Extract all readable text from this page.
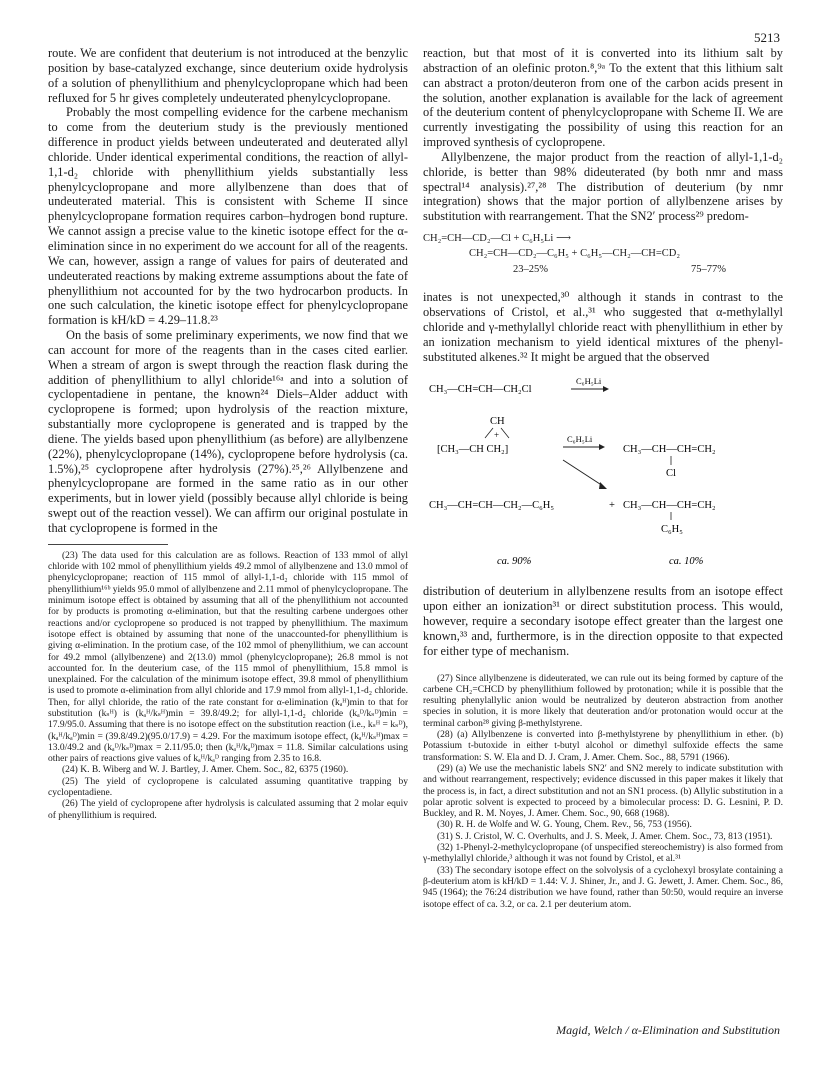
5213

route. We are confident that deuterium is not introduced at the benzylic position by base-catalyzed exchange, since deuterium oxide hydrolysis of a solution of phenyllithium and phenylcyclopropane which had been refluxed for 5 hr gives completely undeuterated phenylcyclopropane.

Probably the most compelling evidence for the carbene mechanism to come from the deuterium study is the previously mentioned difference in product yields between undeuterated and deuterated allyl chloride. Under identical experimental conditions, the reaction of allyl-1,1-d₂ chloride with phenyllithium yields substantially less phenylcyclopropane and more allylbenzene than does that of undeuterated material. This is consistent with Scheme II since phenylcyclopropane formation requires carbon–hydrogen bond rupture. We cannot assign a precise value to the kinetic isotope effect for the α-elimination since in no experiment do we account for all of the reagents. We can, however, assign a range of values for pairs of deuterated and undeuterated reactions by making extreme assumptions about the fate of phenyllithium not accounted for by the two hydrocarbon products. In one such calculation, the kinetic isotope effect for phenylcyclopropane formation is kH/kD = 4.29–11.8.²³

On the basis of some preliminary experiments, we now find that we can account for more of the reagents than in the cases cited earlier. When a stream of argon is swept through the reaction flask during the addition of phenyllithium to allyl chloride¹⁶ᵃ and into a solution of cyclopentadiene in pentane, the known²⁴ Diels–Alder adduct with cyclopropene is formed; upon hydrolysis of the reaction mixture, substantially more cyclopropene is generated and is trapped by the diene. The yields based upon phenyllithium (as before) are allylbenzene (22%), phenylcyclopropane (14%), cyclopropene before hydrolysis (ca. 1.5%),²⁵ cyclopropene after hydrolysis (27%).²⁵,²⁶ Allylbenzene and phenylcyclopropane are formed in the same ratio as in our other experiments, but in lower yield (possibly because allyl chloride is being swept out of the reaction vessel). We can affirm our original postulate in that cyclopropene is formed in the

(23) The data used for this calculation are as follows. Reaction of 133 mmol of allyl chloride with 102 mmol of phenyllithium yields 49.2 mmol of allylbenzene and 13.0 mmol of phenylcyclopropane; reaction of 115 mmol of allyl-1,1-d₂ chloride with 115 mmol of phenyllithium¹⁶ᵇ yields 95.0 mmol of allylbenzene and 2.11 mmol of phenylcyclopropane. The minimum isotope effect is obtained by assuming that all of the phenyllithium not accounted for by products is promoting α-elimination, but that the resulting carbene undergoes other reactions and/or cyclopropene so produced is not trapped by phenyllithium. The maximum isotope effect is obtained by assuming that none of the unaccounted-for phenyllithium is giving α-elimination. In the protium case, of the 102 mmol of phenyllithium, we can account for 49.2 mmol (allylbenzene) and 2(13.0) mmol (phenylcyclopropane); 26.8 mmol is not accounted for. In the deuterium case, of the 115 mmol of phenyllithium, 15.8 mmol is unexplained. For the calculation of the minimum isotope effect, 39.8 mmol of phenyllithium is used to promote α-elimination from allyl chloride and 17.9 mmol from allyl-1,1-d₂ chloride. Then, for allyl chloride, the ratio of the rate constant for α-elimination (kₐᴴ)min to that for substitution (kₛᴴ) is (kₐᴴ/kₛᴴ)min = 39.8/49.2; for allyl-1,1-d₂ chloride (kₐᴰ/kₛᴰ)min = 17.9/95.0. Assuming that there is no isotope effect on the substitution reaction (i.e., kₛᴴ = kₛᴰ), (kₐᴴ/kₐᴰ)min = (39.8/49.2)(95.0/17.9) = 4.29. For the maximum isotope effect, (kₐᴴ/kₛᴴ)max = 13.0/49.2 and (kₐᴰ/kₛᴰ)max = 2.11/95.0; then (kₐᴴ/kₐᴰ)max = 11.8. Similar calculations using other pairs of reactions give values of kₐᴴ/kₐᴰ ranging from 2.35 to 16.8.

(24) K. B. Wiberg and W. J. Bartley, J. Amer. Chem. Soc., 82, 6375 (1960).

(25) The yield of cyclopropene is calculated assuming quantitative trapping by cyclopentadiene.

(26) The yield of cyclopropene after hydrolysis is calculated assuming that 2 molar equiv of phenyllithium is required.

reaction, but that most of it is converted into its lithium salt by abstraction of an olefinic proton.⁸,⁹ᵃ To the extent that this lithium salt can abstract a proton/deuteron from one of the carbon acids present in the solution, another explanation is available for the lack of agreement of the deuterium content of phenylcyclopropane with Scheme II. We are currently investigating the possibility of using this reaction for an improved synthesis of cyclopropene.

Allylbenzene, the major product from the reaction of allyl-1,1-d₂ chloride, is better than 98% dideuterated (by both nmr and mass spectral¹⁴ analysis).²⁷,²⁸ The distribution of deuterium (by nmr integration) shows that the major portion of allylbenzene arises by substitution with rearrangement. That the SN2′ process²⁹ predom-

CH₂=CH—CD₂—Cl + C₆H₅Li ⟶
CH₂=CH—CD₂—C₆H₅ + C₆H₅—CH₂—CH=CD₂
23–25%	75–77%

inates is not unexpected,³⁰ although it stands in contrast to the observations of Cristol, et al.,³¹ who suggested that α-methylallyl chloride and γ-methylallyl chloride react with phenyllithium in ether by an ionization mechanism to yield identical mixtures of the phenyl-substituted alkenes.³² It might be argued that the observed

CH₃—CH=CH—CH₂Cl
C₆H₅Li
CH
+
[CH₃—CH CH₂]
C₆H₅Li
CH₃—CH—CH=CH₂
Cl
CH₃—CH=CH—CH₂—C₆H₅	+ CH₃—CH—CH=CH₂
C₆H₅
ca. 90%	ca. 10%

distribution of deuterium in allylbenzene results from an isotope effect upon either an ionization³¹ or direct substitution process. This would, however, require a secondary isotope effect greater than the largest one known,³³ and, furthermore, is in the direction opposite to that expected for either type of mechanism.

(27) Since allylbenzene is dideuterated, we can rule out its being formed by capture of the carbene CH₂=CHCD by phenyllithium followed by protonation; while it is possible that the resulting phenylallylic anion would be neutralized by deuteron abstraction from another species in solution, it is more likely that deuteration and/or protonation would occur at the terminal carbon²⁸ giving β-methylstyrene.

(28) (a) Allylbenzene is converted into β-methylstyrene by phenyllithium in ether. (b) Potassium t-butoxide in either t-butyl alcohol or dimethyl sulfoxide effects the same transformation: S. W. Ela and D. J. Cram, J. Amer. Chem. Soc., 88, 5791 (1966).

(29) (a) We use the mechanistic labels SN2′ and SN2 merely to indicate substitution with and without rearrangement, respectively; evidence discussed in this paper makes it likely that the process is, in fact, a direct substitution and not an SN1 process. (b) Allylic substitution in a polar aprotic solvent is expected to proceed by a bimolecular process: D. G. Lesnini, P. D. Buckley, and R. M. Noyes, J. Amer. Chem. Soc., 90, 668 (1968).

(30) R. H. de Wolfe and W. G. Young, Chem. Rev., 56, 753 (1956).

(31) S. J. Cristol, W. C. Overhults, and J. S. Meek, J. Amer. Chem. Soc., 73, 813 (1951).

(32) 1-Phenyl-2-methylcyclopropane (of unspecified stereochemistry) is also formed from γ-methylallyl chloride,³ although it was not found by Cristol, et al.³¹

(33) The secondary isotope effect on the solvolysis of a cyclohexyl brosylate containing a β-deuterium atom is kH/kD = 1.44: V. J. Shiner, Jr., and J. G. Jewett, J. Amer. Chem. Soc., 86, 945 (1964); the 76:24 distribution we have found, rather than 50:50, would require an inverse isotope effect of ca. 3.2, or ca. 2.1 per deuterium atom.

Magid, Welch / α-Elimination and Substitution
